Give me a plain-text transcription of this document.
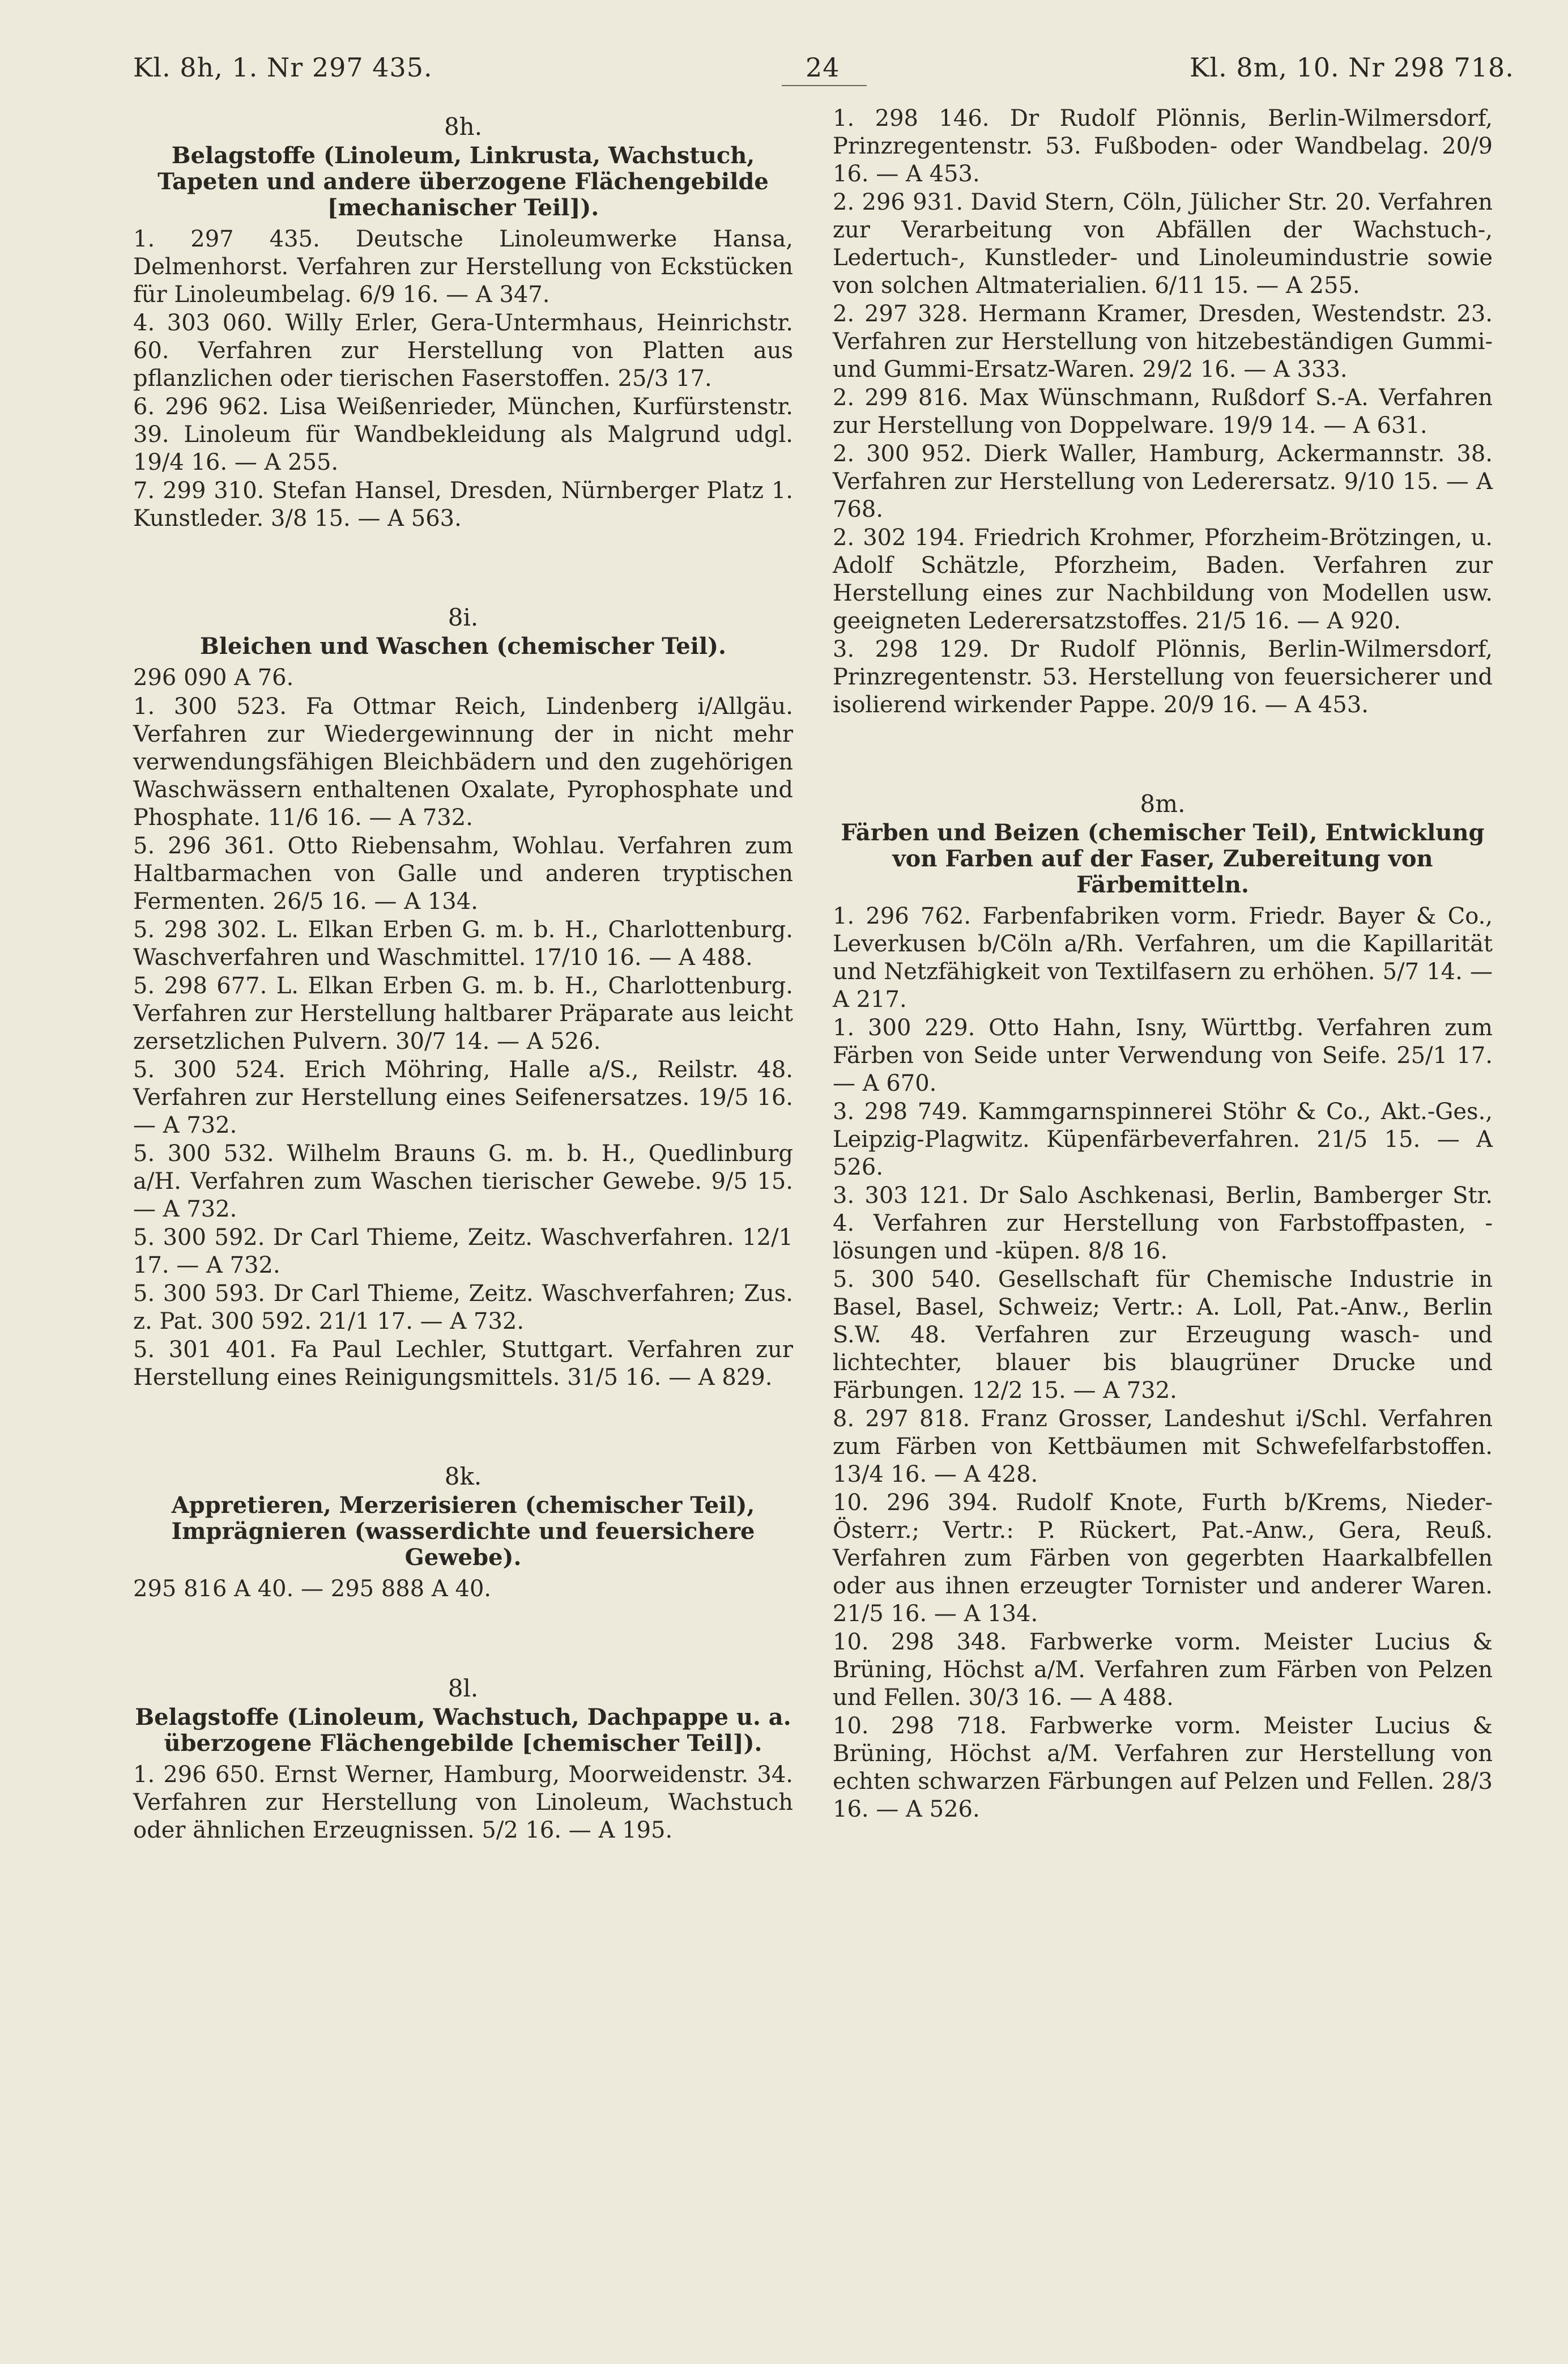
Kl. 8h, 1. Nr 297 435.	24	Kl. 8m, 10. Nr 298 718.
8h.
Belagstoffe (Linoleum, Linkrusta, Wachstuch, Tapeten und andere überzogene Flächengebilde [mechanischer Teil]).
1. 297 435. Deutsche Linoleumwerke Hansa, Delmenhorst. Verfahren zur Herstellung von Eckstücken für Linoleumbelag. 6/9 16. — A 347.
4. 303 060. Willy Erler, Gera-Untermhaus, Heinrichstr. 60. Verfahren zur Herstellung von Platten aus pflanzlichen oder tierischen Faserstoffen. 25/3 17.
6. 296 962. Lisa Weißenrieder, München, Kurfürstenstr. 39. Linoleum für Wandbekleidung als Malgrund udgl. 19/4 16. — A 255.
7. 299 310. Stefan Hansel, Dresden, Nürnberger Platz 1. Kunstleder. 3/8 15. — A 563.
8i.
Bleichen und Waschen (chemischer Teil).
296 090 A 76.
1. 300 523. Fa Ottmar Reich, Lindenberg i/Allgäu. Verfahren zur Wiedergewinnung der in nicht mehr verwendungsfähigen Bleichbädern und den zugehörigen Waschwässern enthaltenen Oxalate, Pyrophosphate und Phosphate. 11/6 16. — A 732.
5. 296 361. Otto Riebensahm, Wohlau. Verfahren zum Haltbarmachen von Galle und anderen tryptischen Fermenten. 26/5 16. — A 134.
5. 298 302. L. Elkan Erben G. m. b. H., Charlottenburg. Waschverfahren und Waschmittel. 17/10 16. — A 488.
5. 298 677. L. Elkan Erben G. m. b. H., Charlottenburg. Verfahren zur Herstellung haltbarer Präparate aus leicht zersetzlichen Pulvern. 30/7 14. — A 526.
5. 300 524. Erich Möhring, Halle a/S., Reilstr. 48. Verfahren zur Herstellung eines Seifenersatzes. 19/5 16. — A 732.
5. 300 532. Wilhelm Brauns G. m. b. H., Quedlinburg a/H. Verfahren zum Waschen tierischer Gewebe. 9/5 15. — A 732.
5. 300 592. Dr Carl Thieme, Zeitz. Waschverfahren. 12/1 17. — A 732.
5. 300 593. Dr Carl Thieme, Zeitz. Waschverfahren; Zus. z. Pat. 300 592. 21/1 17. — A 732.
5. 301 401. Fa Paul Lechler, Stuttgart. Verfahren zur Herstellung eines Reinigungsmittels. 31/5 16. — A 829.
8k.
Appretieren, Merzerisieren (chemischer Teil), Imprägnieren (wasserdichte und feuersichere Gewebe).
295 816 A 40. — 295 888 A 40.
8l.
Belagstoffe (Linoleum, Wachstuch, Dachpappe u. a. überzogene Flächengebilde [chemischer Teil]).
1. 296 650. Ernst Werner, Hamburg, Moorweidenstr. 34. Verfahren zur Herstellung von Linoleum, Wachstuch oder ähnlichen Erzeugnissen. 5/2 16. — A 195.
1. 298 146. Dr Rudolf Plönnis, Berlin-Wilmersdorf, Prinzregentenstr. 53. Fußboden- oder Wandbelag. 20/9 16. — A 453.
2. 296 931. David Stern, Cöln, Jülicher Str. 20. Verfahren zur Verarbeitung von Abfällen der Wachstuch-, Ledertuch-, Kunstleder- und Linoleumindustrie sowie von solchen Altmaterialien. 6/11 15. — A 255.
2. 297 328. Hermann Kramer, Dresden, Westendstr. 23. Verfahren zur Herstellung von hitzebeständigen Gummi- und Gummi-Ersatz-Waren. 29/2 16. — A 333.
2. 299 816. Max Wünschmann, Rußdorf S.-A. Verfahren zur Herstellung von Doppelware. 19/9 14. — A 631.
2. 300 952. Dierk Waller, Hamburg, Ackermannstr. 38. Verfahren zur Herstellung von Lederersatz. 9/10 15. — A 768.
2. 302 194. Friedrich Krohmer, Pforzheim-Brötzingen, u. Adolf Schätzle, Pforzheim, Baden. Verfahren zur Herstellung eines zur Nachbildung von Modellen usw. geeigneten Lederersatzstoffes. 21/5 16. — A 920.
3. 298 129. Dr Rudolf Plönnis, Berlin-Wilmersdorf, Prinzregentenstr. 53. Herstellung von feuersicherer und isolierend wirkender Pappe. 20/9 16. — A 453.
8m.
Färben und Beizen (chemischer Teil), Entwicklung von Farben auf der Faser, Zubereitung von Färbemitteln.
1. 296 762. Farbenfabriken vorm. Friedr. Bayer & Co., Leverkusen b/Cöln a/Rh. Verfahren, um die Kapillarität und Netzfähigkeit von Textilfasern zu erhöhen. 5/7 14. — A 217.
1. 300 229. Otto Hahn, Isny, Württbg. Verfahren zum Färben von Seide unter Verwendung von Seife. 25/1 17. — A 670.
3. 298 749. Kammgarnspinnerei Stöhr & Co., Akt.-Ges., Leipzig-Plagwitz. Küpenfärbeverfahren. 21/5 15. — A 526.
3. 303 121. Dr Salo Aschkenasi, Berlin, Bamberger Str. 4. Verfahren zur Herstellung von Farbstoffpasten, -lösungen und -küpen. 8/8 16.
5. 300 540. Gesellschaft für Chemische Industrie in Basel, Basel, Schweiz; Vertr.: A. Loll, Pat.-Anw., Berlin S.W. 48. Verfahren zur Erzeugung wasch- und lichtechter, blauer bis blaugrüner Drucke und Färbungen. 12/2 15. — A 732.
8. 297 818. Franz Grosser, Landeshut i/Schl. Verfahren zum Färben von Kettbäumen mit Schwefelfarbstoffen. 13/4 16. — A 428.
10. 296 394. Rudolf Knote, Furth b/Krems, Nieder-Österr.; Vertr.: P. Rückert, Pat.-Anw., Gera, Reuß. Verfahren zum Färben von gegerbten Haarkalbfellen oder aus ihnen erzeugter Tornister und anderer Waren. 21/5 16. — A 134.
10. 298 348. Farbwerke vorm. Meister Lucius & Brüning, Höchst a/M. Verfahren zum Färben von Pelzen und Fellen. 30/3 16. — A 488.
10. 298 718. Farbwerke vorm. Meister Lucius & Brüning, Höchst a/M. Verfahren zur Herstellung von echten schwarzen Färbungen auf Pelzen und Fellen. 28/3 16. — A 526.
